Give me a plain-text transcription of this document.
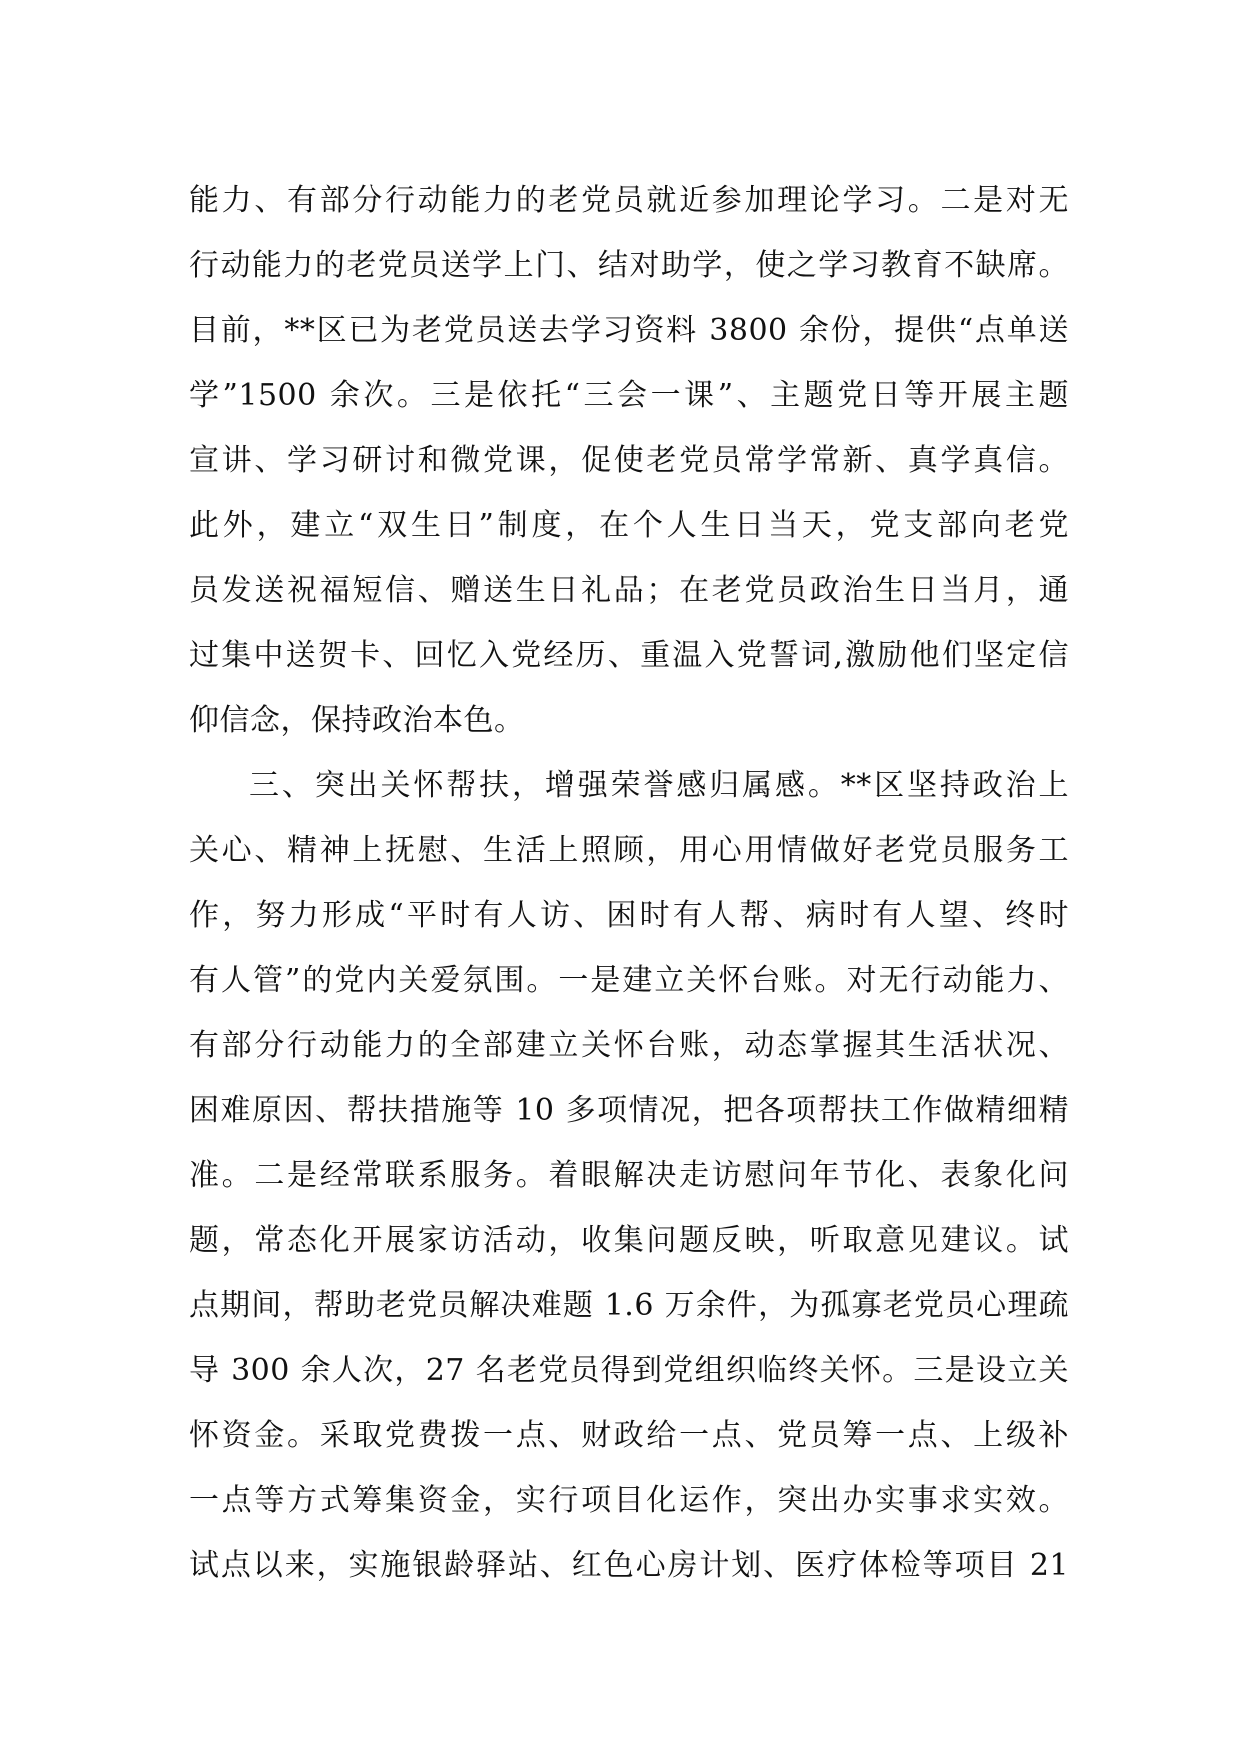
能力、有部分行动能力的老党员就近参加理论学习。二是对无
行动能力的老党员送学上门、结对助学，使之学习教育不缺席。
目前，**区已为老党员送去学习资料 3800 余份，提供“点单送
学”1500 余次。三是依托“三会一课”、主题党日等开展主题
宣讲、学习研讨和微党课，促使老党员常学常新、真学真信。
此外，建立“双生日”制度，在个人生日当天，党支部向老党
员发送祝福短信、赠送生日礼品；在老党员政治生日当月，通
过集中送贺卡、回忆入党经历、重温入党誓词,激励他们坚定信
仰信念，保持政治本色。
三、突出关怀帮扶，增强荣誉感归属感。**区坚持政治上
关心、精神上抚慰、生活上照顾，用心用情做好老党员服务工
作，努力形成“平时有人访、困时有人帮、病时有人望、终时
有人管”的党内关爱氛围。一是建立关怀台账。对无行动能力、
有部分行动能力的全部建立关怀台账，动态掌握其生活状况、
困难原因、帮扶措施等 10 多项情况，把各项帮扶工作做精细精
准。二是经常联系服务。着眼解决走访慰问年节化、表象化问
题，常态化开展家访活动，收集问题反映，听取意见建议。试
点期间，帮助老党员解决难题 1.6 万余件，为孤寡老党员心理疏
导 300 余人次，27 名老党员得到党组织临终关怀。三是设立关
怀资金。采取党费拨一点、财政给一点、党员筹一点、上级补
一点等方式筹集资金，实行项目化运作，突出办实事求实效。
试点以来，实施银龄驿站、红色心房计划、医疗体检等项目 21
